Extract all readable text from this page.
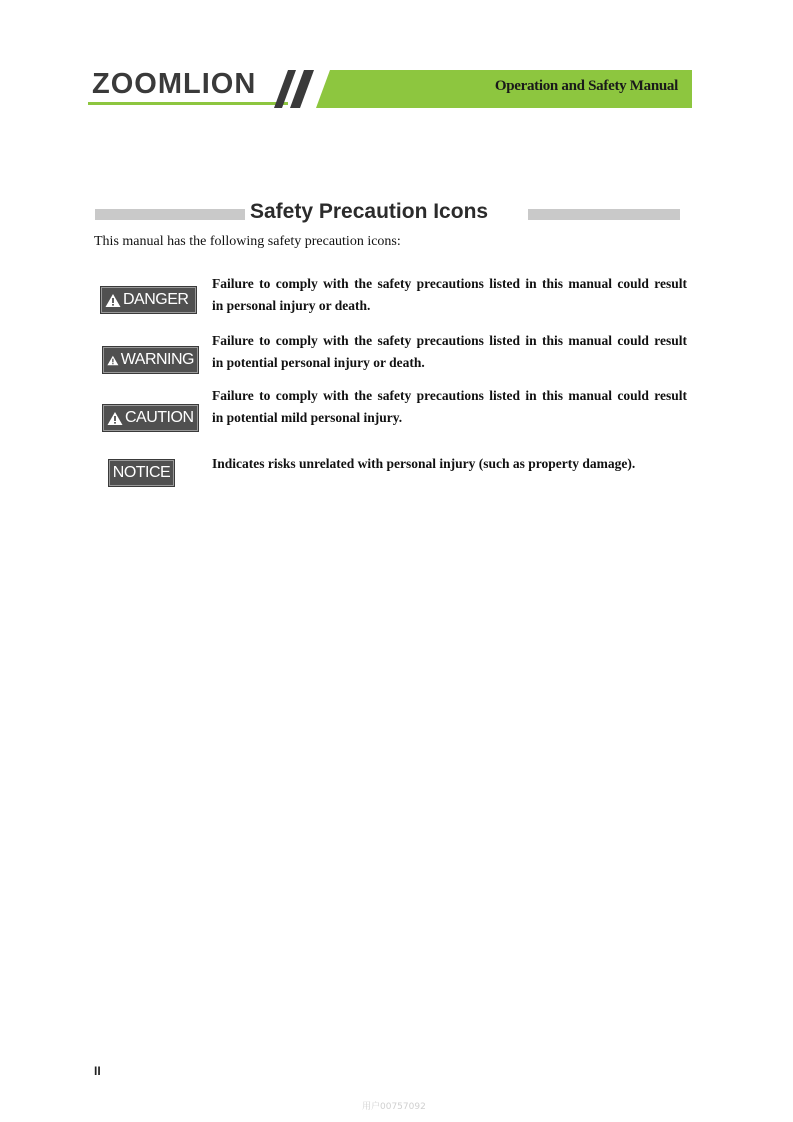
ZOOMLION	Operation and Safety Manual
Safety Precaution Icons
This manual has the following safety precaution icons:
DANGER
Failure to comply with the safety precautions listed in this manual could result
in personal injury or death.
WARNING
Failure to comply with the safety precautions listed in this manual could result
in potential personal injury or death.
CAUTION
Failure to comply with the safety precautions listed in this manual could result
in potential mild personal injury.
NOTICE
Indicates risks unrelated with personal injury (such as property damage).
II
用户00757092
